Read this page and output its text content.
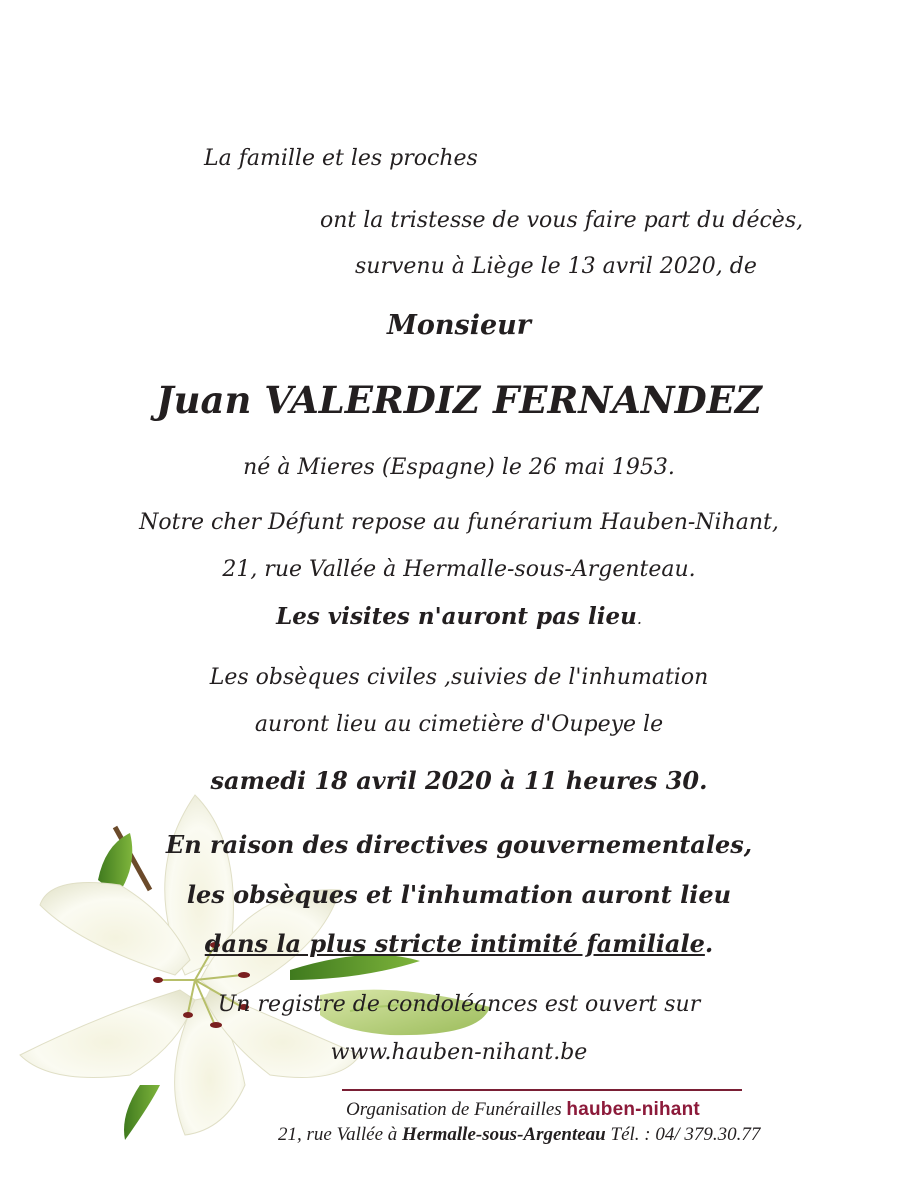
La famille et les proches
ont la tristesse de vous faire part du décès,
survenu à Liège le 13 avril 2020, de
Monsieur
Juan VALERDIZ FERNANDEZ
né à Mieres (Espagne) le 26 mai 1953.
Notre cher Défunt repose au funérarium Hauben-Nihant,
21, rue Vallée à Hermalle-sous-Argenteau.
Les visites n'auront pas lieu.
Les obsèques civiles ,suivies de l'inhumation
auront lieu au cimetière d'Oupeye le
samedi 18 avril 2020 à 11 heures 30.
En raison des directives gouvernementales,
les obsèques et l'inhumation auront lieu
dans la plus stricte intimité familiale.
Un registre de condoléances est ouvert sur
www.hauben-nihant.be
Organisation de Funérailles hauben-nihant
21, rue Vallée à Hermalle-sous-Argenteau Tél. : 04/ 379.30.77
